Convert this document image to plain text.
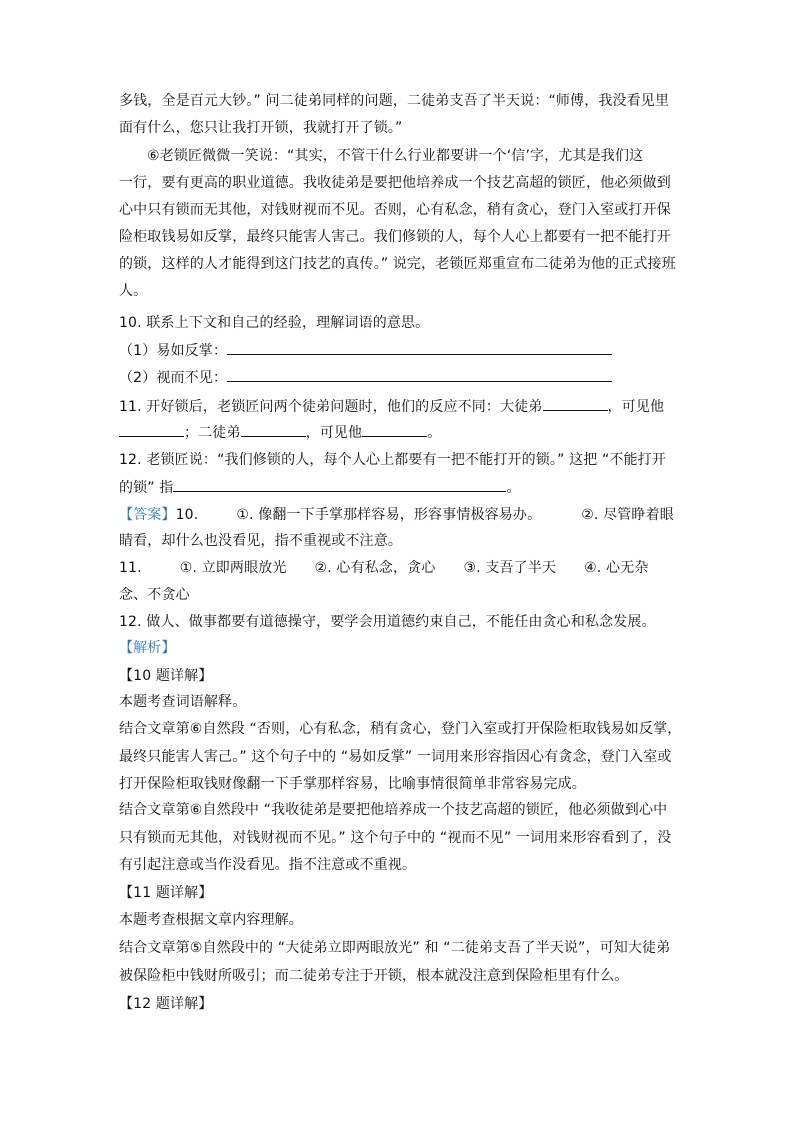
多钱，全是百元大钞。” 问二徒弟同样的问题，二徒弟支吾了半天说：“师傅，我没看见里
面有什么，您只让我打开锁，我就打开了锁。”
⑥老锁匠微微一笑说：“其实，不管干什么行业都要讲一个‘信’字，尤其是我们这
一行，要有更高的职业道德。我收徒弟是要把他培养成一个技艺高超的锁匠，他必须做到
心中只有锁而无其他，对钱财视而不见。否则，心有私念，稍有贪心，登门入室或打开保
险柜取钱易如反掌，最终只能害人害己。我们修锁的人，每个人心上都要有一把不能打开
的锁，这样的人才能得到这门技艺的真传。” 说完，老锁匠郑重宣布二徒弟为他的正式接班
人。
10. 联系上下文和自己的经验，理解词语的意思。
（1）易如反掌：
（2）视而不见：
11. 开好锁后，老锁匠问两个徒弟问题时，他们的反应不同：大徒弟	，可见他
；二徒弟	，可见他	。
12. 老锁匠说：“我们修锁的人，每个人心上都要有一把不能打开的锁。” 这把 “不能打开
的锁” 指	。
【答案】10.	①. 像翻一下手掌那样容易，形容事情极容易办。	②. 尽管睁着眼
睛看，却什么也没看见，指不重视或不注意。
11.	①. 立即两眼放光 ②. 心有私念，贪心 ③. 支吾了半天 ④. 心无杂
念、不贪心
12. 做人、做事都要有道德操守，要学会用道德约束自己，不能任由贪心和私念发展。
【解析】
【10 题详解】
本题考查词语解释。
结合文章第⑥自然段 “否则，心有私念，稍有贪心，登门入室或打开保险柜取钱易如反掌，
最终只能害人害己。” 这个句子中的 “易如反掌” 一词用来形容指因心有贪念，登门入室或
打开保险柜取钱财像翻一下手掌那样容易，比喻事情很简单非常容易完成。
结合文章第⑥自然段中 “我收徒弟是要把他培养成一个技艺高超的锁匠，他必须做到心中
只有锁而无其他，对钱财视而不见。” 这个句子中的 “视而不见” 一词用来形容看到了，没
有引起注意或当作没看见。指不注意或不重视。
【11 题详解】
本题考查根据文章内容理解。
结合文章第⑤自然段中的 “大徒弟立即两眼放光” 和 “二徒弟支吾了半天说”，可知大徒弟
被保险柜中钱财所吸引；而二徒弟专注于开锁，根本就没注意到保险柜里有什么。
【12 题详解】
